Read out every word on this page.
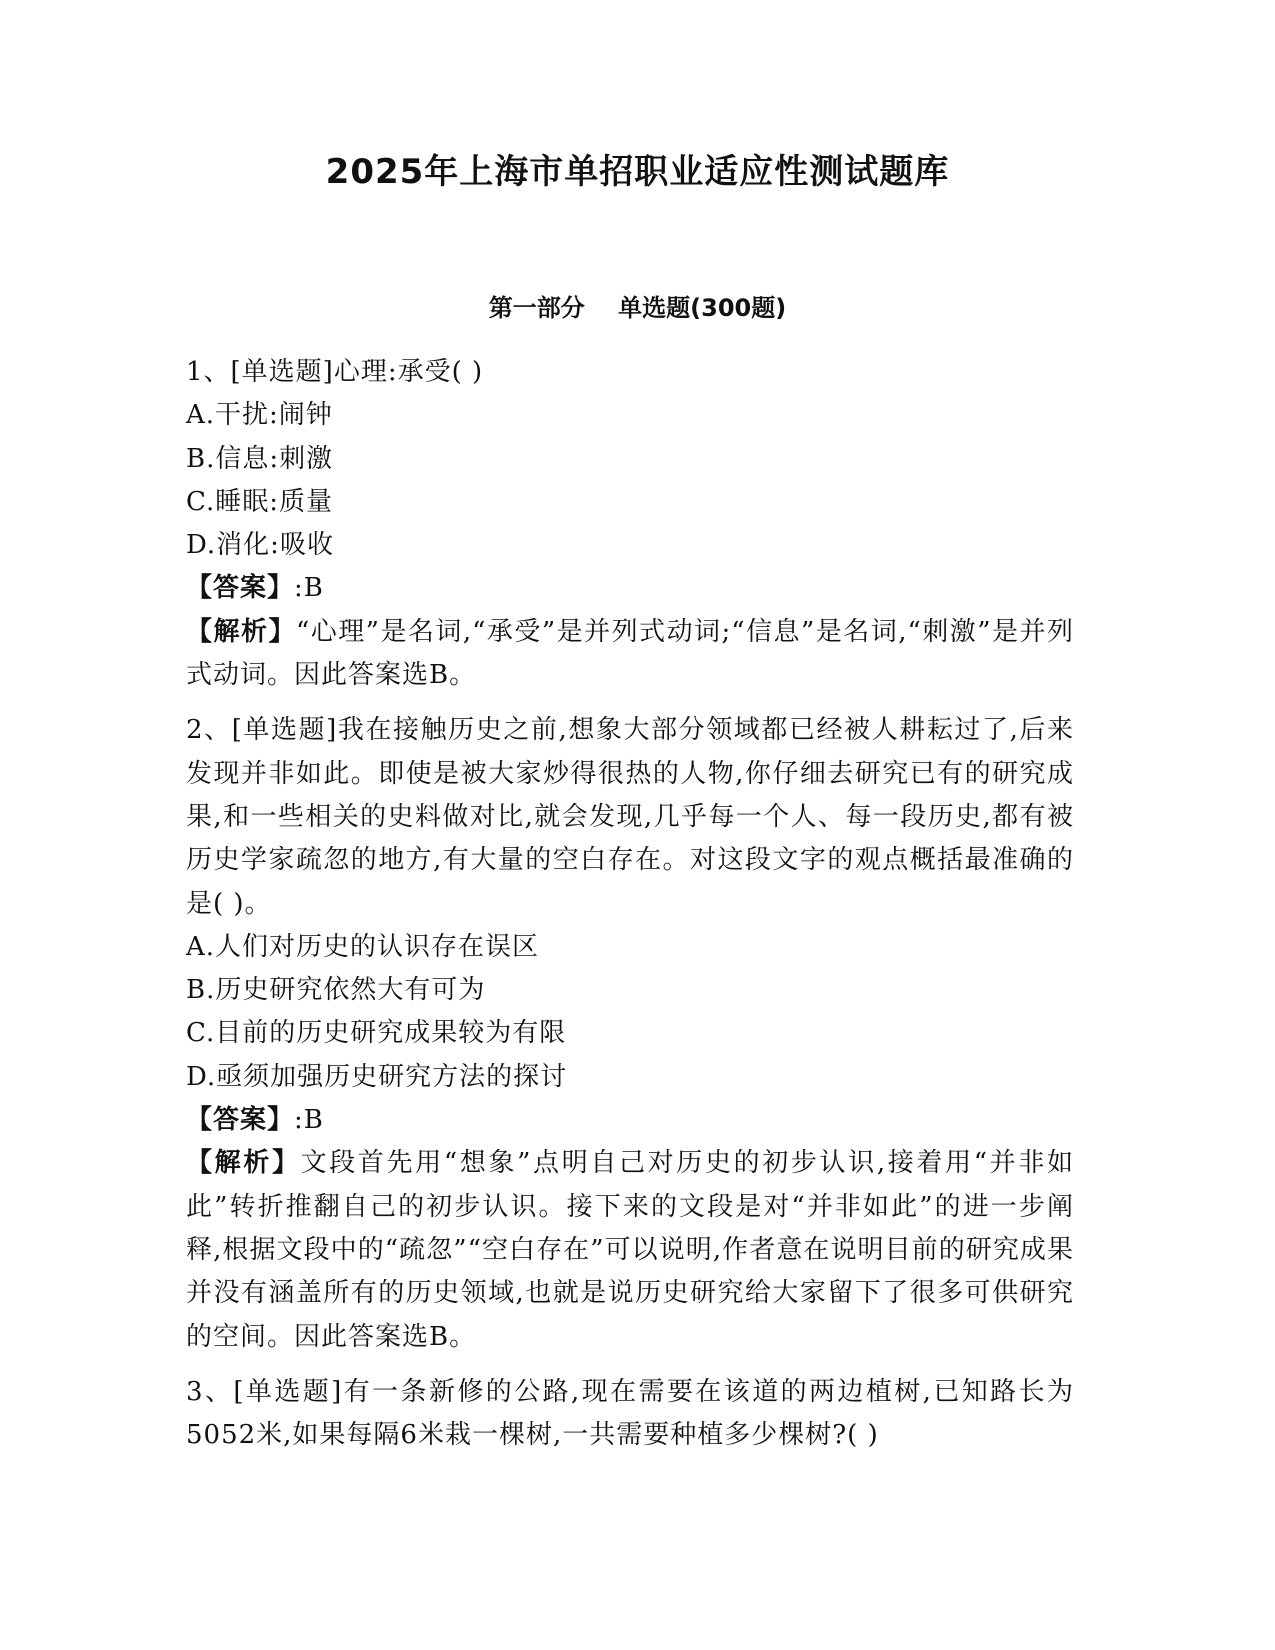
2025年上海市单招职业适应性测试题库
第一部分    单选题(300题)

1、[单选题]心理:承受( )

A.干扰:闹钟

B.信息:刺激

C.睡眠:质量

D.消化:吸收

【答案】:B

【解析】“心理”是名词,“承受”是并列式动词;“信息”是名词,“刺激”是并列式动词。因此答案选B。

2、[单选题]我在接触历史之前,想象大部分领域都已经被人耕耘过了,后来发现并非如此。即使是被大家炒得很热的人物,你仔细去研究已有的研究成果,和一些相关的史料做对比,就会发现,几乎每一个人、每一段历史,都有被历史学家疏忽的地方,有大量的空白存在。对这段文字的观点概括最准确的是( )。

A.人们对历史的认识存在误区

B.历史研究依然大有可为

C.目前的历史研究成果较为有限

D.亟须加强历史研究方法的探讨

【答案】:B

【解析】文段首先用“想象”点明自己对历史的初步认识,接着用“并非如此”转折推翻自己的初步认识。接下来的文段是对“并非如此”的进一步阐释,根据文段中的“疏忽”“空白存在”可以说明,作者意在说明目前的研究成果并没有涵盖所有的历史领域,也就是说历史研究给大家留下了很多可供研究的空间。因此答案选B。

3、[单选题]有一条新修的公路,现在需要在该道的两边植树,已知路长为5052米,如果每隔6米栽一棵树,一共需要种植多少棵树?( )
